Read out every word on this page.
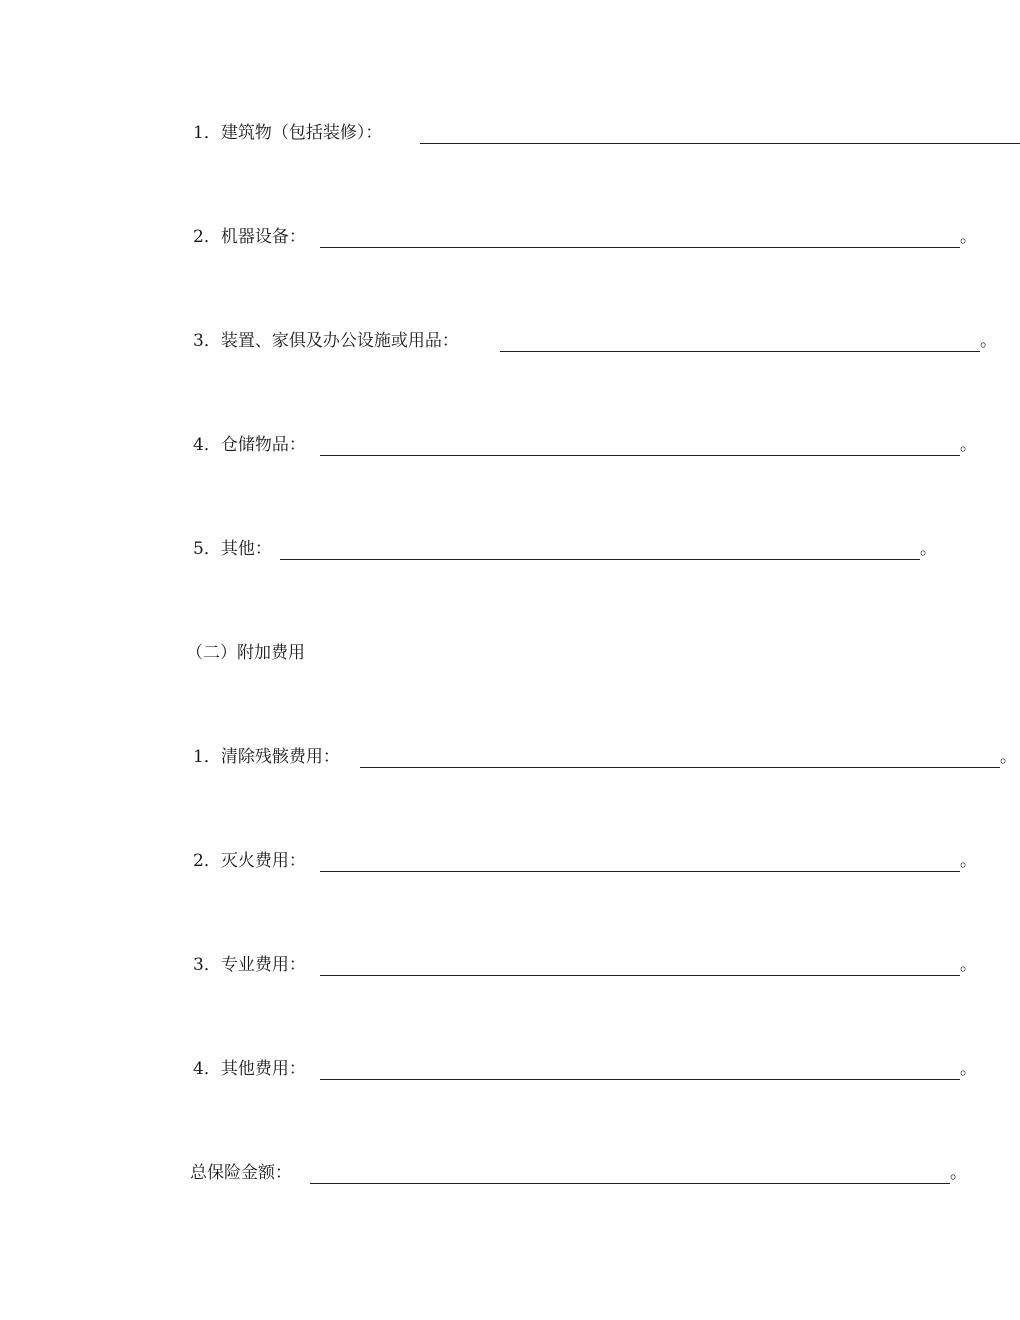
1．建筑物（包括装修）：
2．机器设备：	。
3．装置、家俱及办公设施或用品：	。
4．仓储物品：	。
5．其他：	。
（二）附加费用
1．清除残骸费用：	。
2．灭火费用：	。
3．专业费用：	。
4．其他费用：	。
总保险金额：	。
